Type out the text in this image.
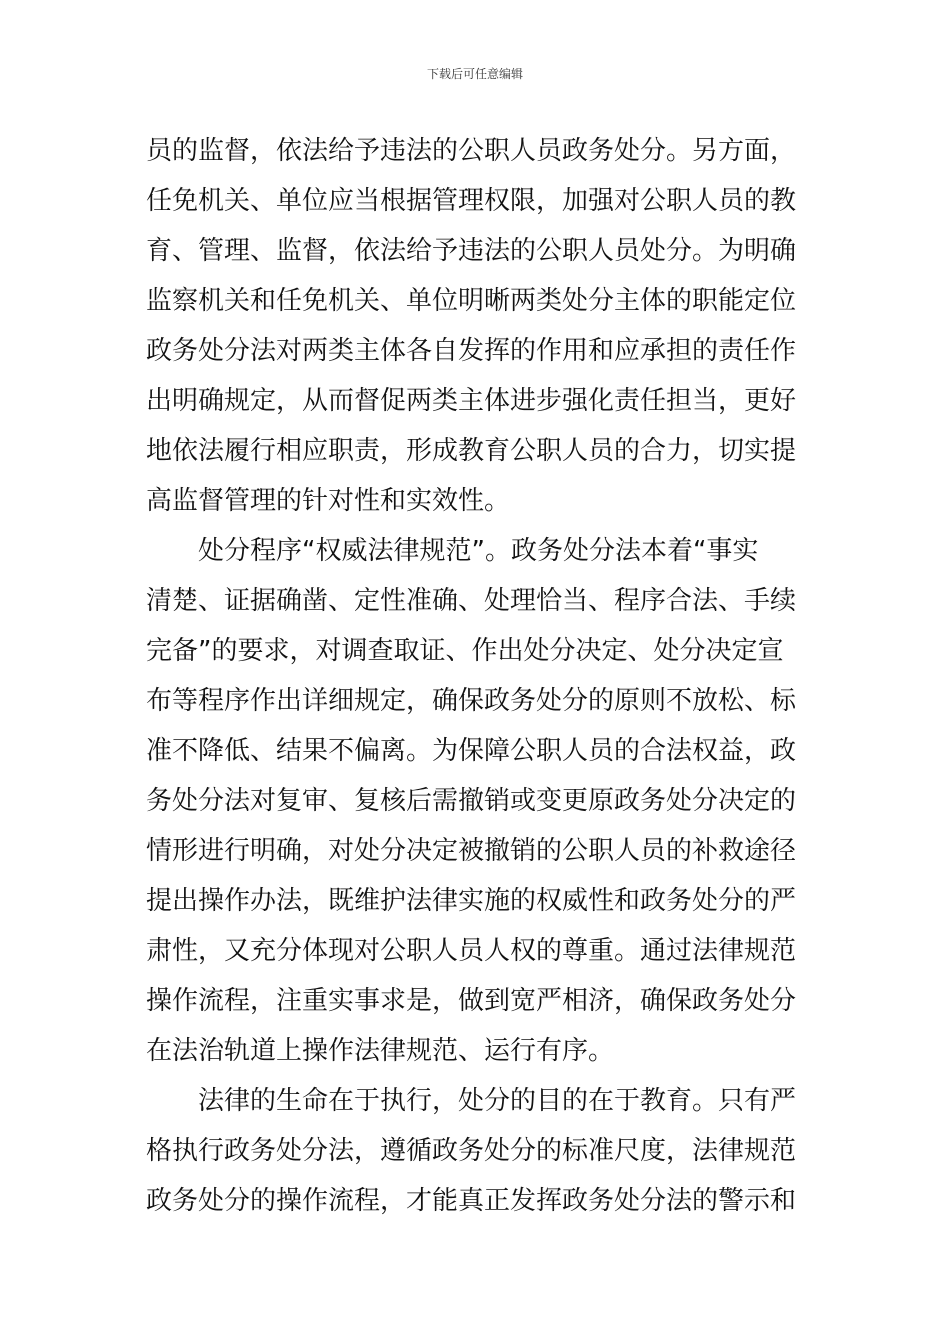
下载后可任意编辑
员的监督，依法给予违法的公职人员政务处分。另方面，
任免机关、单位应当根据管理权限，加强对公职人员的教
育、管理、监督，依法给予违法的公职人员处分。为明确
监察机关和任免机关、单位明晰两类处分主体的职能定位
政务处分法对两类主体各自发挥的作用和应承担的责任作
出明确规定，从而督促两类主体进步强化责任担当，更好
地依法履行相应职责，形成教育公职人员的合力，切实提
高监督管理的针对性和实效性。
处分程序“权威法律规范”。政务处分法本着“事实
清楚、证据确凿、定性准确、处理恰当、程序合法、手续
完备”的要求，对调查取证、作出处分决定、处分决定宣
布等程序作出详细规定，确保政务处分的原则不放松、标
准不降低、结果不偏离。为保障公职人员的合法权益，政
务处分法对复审、复核后需撤销或变更原政务处分决定的
情形进行明确，对处分决定被撤销的公职人员的补救途径
提出操作办法，既维护法律实施的权威性和政务处分的严
肃性，又充分体现对公职人员人权的尊重。通过法律规范
操作流程，注重实事求是，做到宽严相济，确保政务处分
在法治轨道上操作法律规范、运行有序。
法律的生命在于执行，处分的目的在于教育。只有严
格执行政务处分法，遵循政务处分的标准尺度，法律规范
政务处分的操作流程，才能真正发挥政务处分法的警示和
